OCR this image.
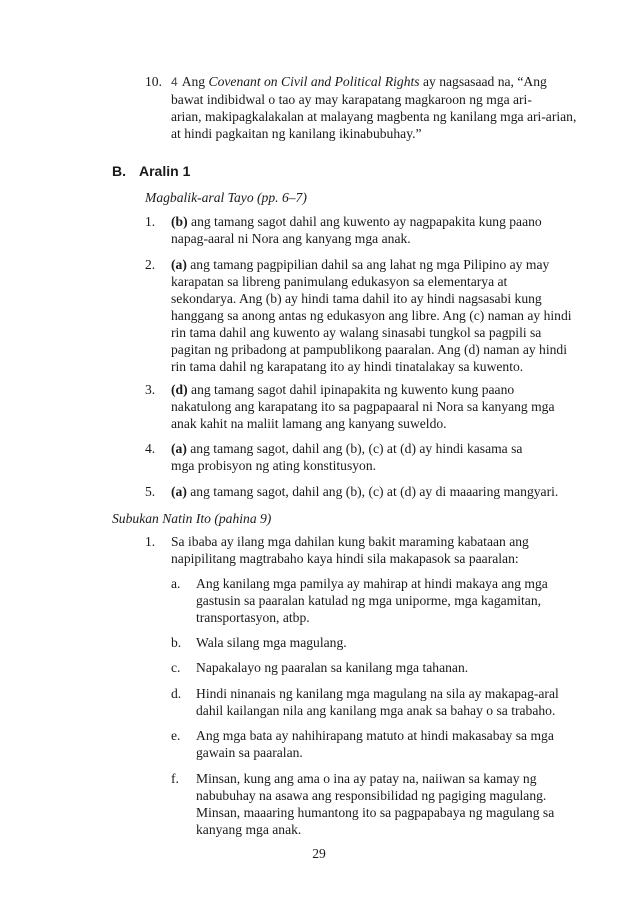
10. 4 Ang Covenant on Civil and Political Rights ay nagsasaad na, “Ang
bawat indibidwal o tao ay may karapatang magkaroon ng mga ari-
arian, makipagkalakalan at malayang magbenta ng kanilang mga ari-arian,
at hindi pagkaitan ng kanilang ikinabubuhay.”
B. Aralin 1
Magbalik-aral Tayo (pp. 6–7)
1. (b) ang tamang sagot dahil ang kuwento ay nagpapakita kung paano
napag-aaral ni Nora ang kanyang mga anak.
2. (a) ang tamang pagpipilian dahil sa ang lahat ng mga Pilipino ay may
karapatan sa libreng panimulang edukasyon sa elementarya at
sekondarya. Ang (b) ay hindi tama dahil ito ay hindi nagsasabi kung
hanggang sa anong antas ng edukasyon ang libre. Ang (c) naman ay hindi
rin tama dahil ang kuwento ay walang sinasabi tungkol sa pagpili sa
pagitan ng pribadong at pampublikong paaralan. Ang (d) naman ay hindi
rin tama dahil ng karapatang ito ay hindi tinatalakay sa kuwento.
3. (d) ang tamang sagot dahil ipinapakita ng kuwento kung paano
nakatulong ang karapatang ito sa pagpapaaral ni Nora sa kanyang mga
anak kahit na maliit lamang ang kanyang suweldo.
4. (a) ang tamang sagot, dahil ang (b), (c) at (d) ay hindi kasama sa
mga probisyon ng ating konstitusyon.
5. (a) ang tamang sagot, dahil ang (b), (c) at (d) ay di maaaring mangyari.
Subukan Natin Ito (pahina 9)
1. Sa ibaba ay ilang mga dahilan kung bakit maraming kabataan ang
napipilitang magtrabaho kaya hindi sila makapasok sa paaralan:
a. Ang kanilang mga pamilya ay mahirap at hindi makaya ang mga
gastusin sa paaralan katulad ng mga uniporme, mga kagamitan,
transportasyon, atbp.
b. Wala silang mga magulang.
c. Napakalayo ng paaralan sa kanilang mga tahanan.
d. Hindi ninanais ng kanilang mga magulang na sila ay makapag-aral
dahil kailangan nila ang kanilang mga anak sa bahay o sa trabaho.
e. Ang mga bata ay nahihirapang matuto at hindi makasabay sa mga
gawain sa paaralan.
f. Minsan, kung ang ama o ina ay patay na, naiiwan sa kamay ng
nabubuhay na asawa ang responsibilidad ng pagiging magulang.
Minsan, maaaring humantong ito sa pagpapabaya ng magulang sa
kanyang mga anak.
29
